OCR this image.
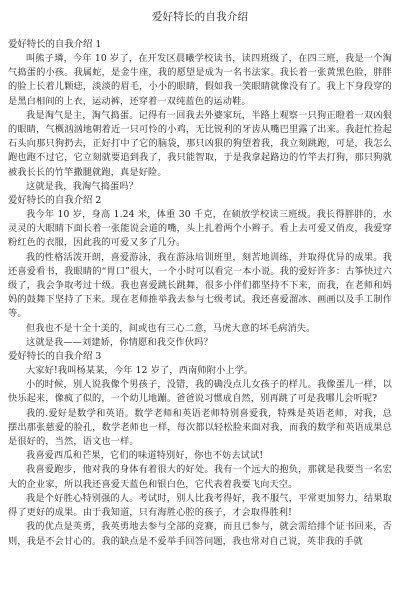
爱好特长的自我介绍

爱好特长的自我介绍 1

叫熊子璘，今年 10 岁了，在开发区晨曦学校读书，读四班级了，在四三班，我是一个淘气捣蛋的小孩。我属蛇，是金牛座，我的愿望是成为一名书法家。我长着一张黄黑色脸，胖胖的脸上长着儿颗痣，淡淡的眉毛，小小的眼睛，假如我一笑眼睛就像没有了。我上下身段穿的是黑白相间的上衣，运动裤，还穿着一双纯蓝色的运动鞋。

我是淘气是主，淘气捣蛋。记得有一回我去外婆家玩，半路上观察一只狗正瞪着一双凶狠的眼睛，气概汹汹地朝着近一只可怜的小鸡，无比锐利的牙齿从嘴巴里露了出来。我赶忙捡起石头向那只狗扔去，正好打中了它的脑袋，那只凶狠的狗望着我，我立刻跳跑，可是，我怎么跑也跑不过它，它立刻就要追到我了，我只能智取，于是我拿起路边的竹竿去打狗，那只狗就被我长长的竹竿撒腿就跑，真是好险。

这就是我，我淘气捣蛋吗？

爱好特长的自我介绍 2

我今年 10 岁，身高 1.24 米，体重 30 千克，在硕放学校读三班级。我长得胖胖的，水灵灵的大眼睛下面长着一张能说会道的嘴，头上扎着两个小辫子。看上去可爱又俏皮，我爱穿粉红色的衣服，因此我的可爱又多了几分。

我的性格活泼开朗，喜爱游泳，我在游泳培训班里，刻苦地训练，并取得优异的成果。我还喜爱看书，我眼睛的“胃口”很大，一个小时可以看完一本小说。我的爱好许多：古筝快过六级了，我会争取考过十级。我也喜爱跳长跳舞，很多小伴们都坚持不下来，而我，在老师和妈妈的鼓舞下坚持了下来。现在老师推举我去参与七级考试。我还喜爱溜冰、画画以及手工制作等。

但我也不是十全十美的，间或也有三心二意，马虎大意的坏毛病消失。

这就是我——刘建娇，你情愿和我交作伙吗？

爱好特长的自我介绍 3

大家好!我叫杨某某，今年 12 岁了，西南师附小上学。

小的时候，别人说我像个男孩子，没错，我的确没点儿女孩子的样儿。我像蛋儿一样，以快乐起来，像疯了似的，一个幼儿地蹦。爸爸说习惯成自然，别再跳了可是我哪儿会听呢?

我的.爱好是数学和英语。数学老师和英语老师特别喜爱我，特殊是英语老师，对我，总摆出那张慈爱的脸孔，数学老师也一样，每次都以轻松脸来面对我，而我的数学和英语成果总是很好的，当然，语文也一样。

我喜爱西瓜和芒果，它们的味道特别好，你也不妨去试试!

我喜爱跑步，他对我的身体有着很大的好处。我有一个远大的抱负，那就是我要当一名宏大的企业家，所以我还喜爱天蓝色和银白色，它代表着我要飞向天空。

我是个好胜心特别强的人。考试时，别人比我考得好，我不服气，平常更加努力，结果取得了更好的成果。由于我知道，只有海胜心腔的孩子，才会取得胜利!

我的优点是英勇，我英勇地去参与全部的竞赛，而且已参与，就会需给排个证书回来，否则，我是不会甘心的。我的缺点是不爱举手回答问题，我也常对自己说，英非我的手就
